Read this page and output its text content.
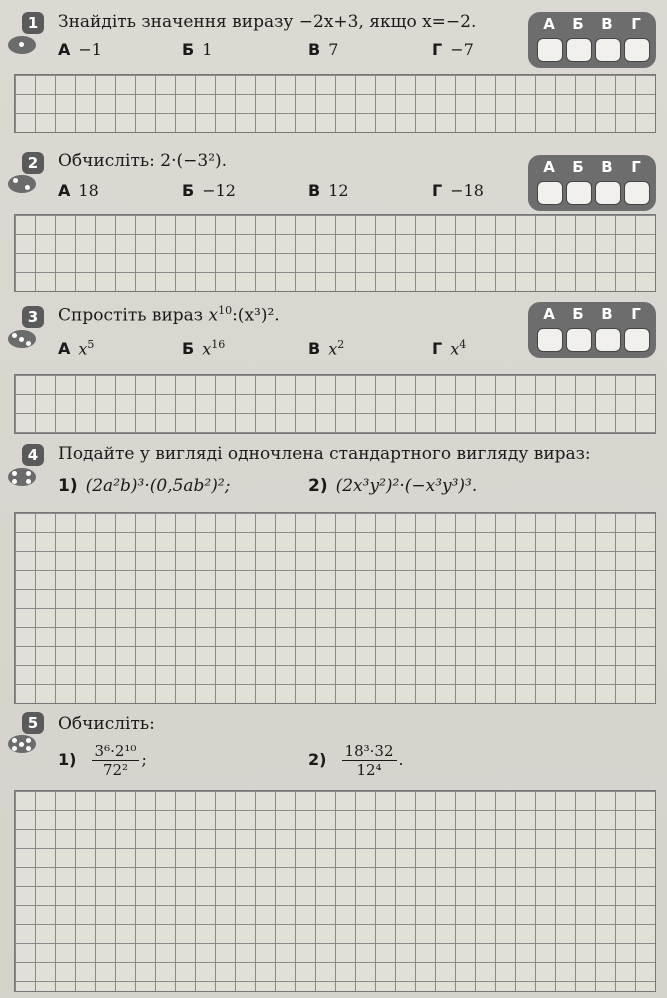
1	Знайдіть значення виразу −2x+3, якщо x=−2.
А −1	Б 1	В 7	Г −7
А	Б	В	Г
2	Обчисліть: 2·(−3²).
А 18	Б −12	В 12	Г −18
А	Б	В	Г
3	Спростіть вираз $x^{10}:(x^3)^2$.
А $x^5$	Б $x^{16}$	В $x^2$	Г $x^4$
А	Б	В	Г
4	Подайте у вигляді одночлена стандартного вигляду вираз:
1) (2a²b)³·(0,5ab²)²;	2) (2x³y²)²·(−x³y³)³.
5	Обчисліть:
$1) \frac{\text{3⁶·2¹⁰}}{\text{72²}}$ ;	$2) \frac{\text{18³·32}}{\text{12⁴}}$ .
